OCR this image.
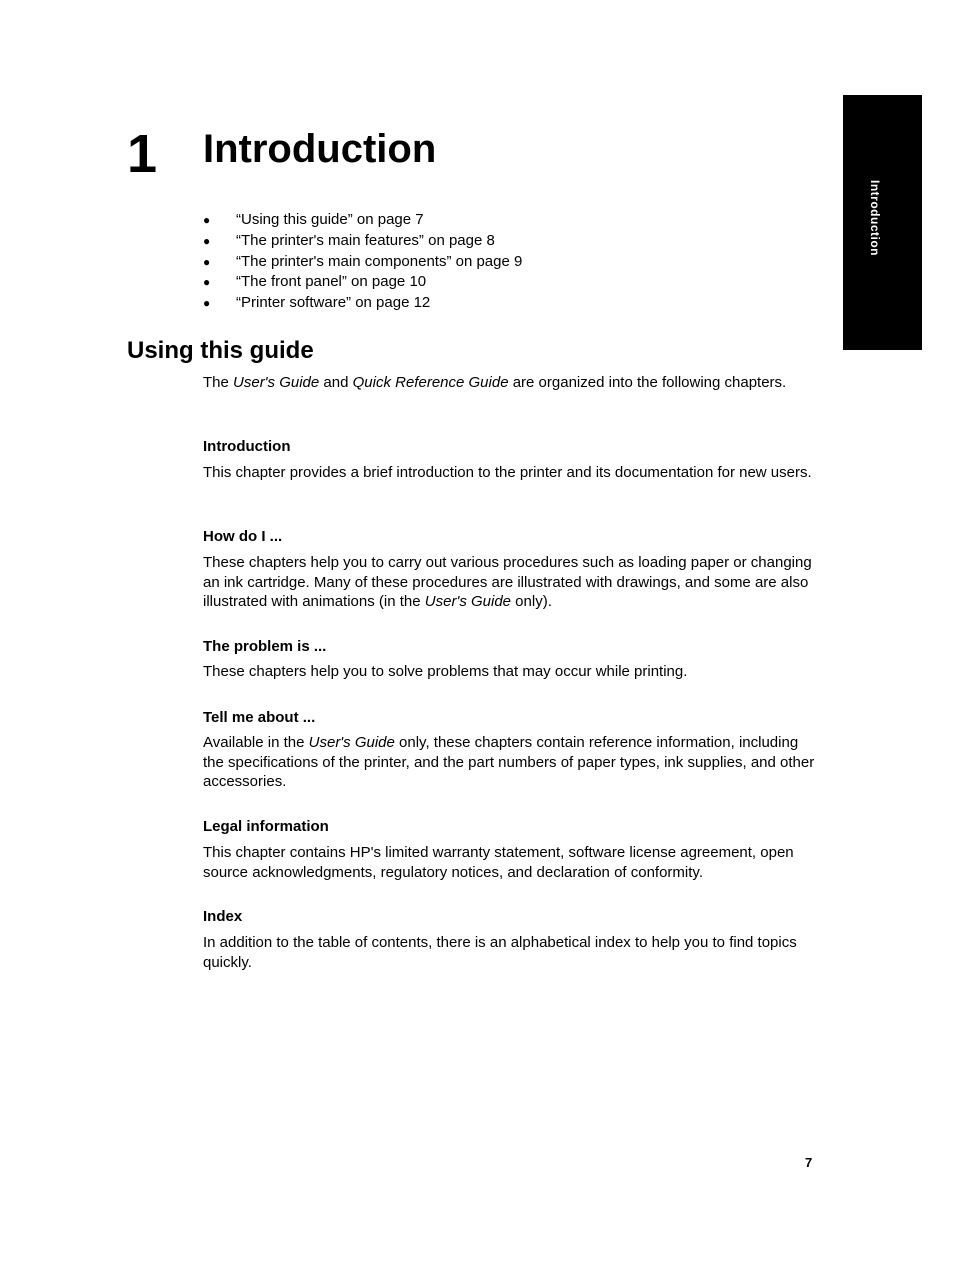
Introduction
1 Introduction
● “Using this guide” on page 7
● “The printer's main features” on page 8
● “The printer's main components” on page 9
● “The front panel” on page 10
● “Printer software” on page 12
Using this guide

The User's Guide and Quick Reference Guide are organized into the following chapters.

Introduction

This chapter provides a brief introduction to the printer and its documentation for new users.

How do I ...

These chapters help you to carry out various procedures such as loading paper or changing an ink cartridge. Many of these procedures are illustrated with drawings, and some are also illustrated with animations (in the User's Guide only).

The problem is ...

These chapters help you to solve problems that may occur while printing.

Tell me about ...

Available in the User's Guide only, these chapters contain reference information, including the specifications of the printer, and the part numbers of paper types, ink supplies, and other accessories.

Legal information

This chapter contains HP's limited warranty statement, software license agreement, open source acknowledgments, regulatory notices, and declaration of conformity.

Index

In addition to the table of contents, there is an alphabetical index to help you to find topics quickly.

7
